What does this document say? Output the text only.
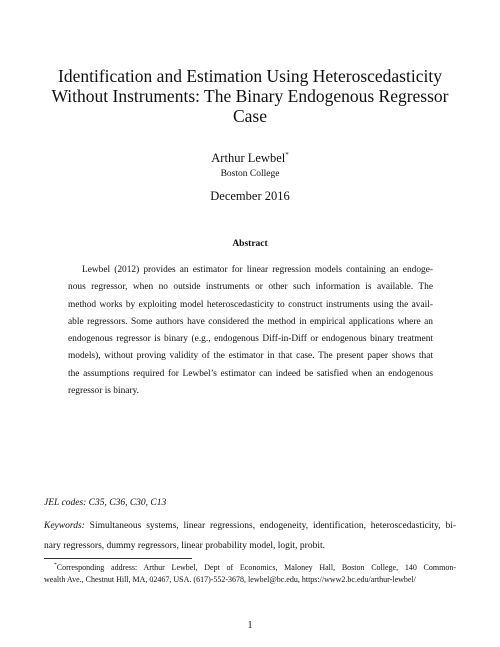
Identification and Estimation Using Heteroscedasticity
Without Instruments: The Binary Endogenous Regressor
Case
Arthur Lewbel*
Boston College
December 2016
Abstract
Lewbel (2012) provides an estimator for linear regression models containing an endoge-
nous regressor, when no outside instruments or other such information is available. The
method works by exploiting model heteroscedasticity to construct instruments using the avail-
able regressors. Some authors have considered the method in empirical applications where an
endogenous regressor is binary (e.g., endogenous Diff-in-Diff or endogenous binary treatment
models), without proving validity of the estimator in that case. The present paper shows that
the assumptions required for Lewbel’s estimator can indeed be satisfied when an endogenous
regressor is binary.
JEL codes: C35, C36, C30, C13
Keywords: Simultaneous systems, linear regressions, endogeneity, identification, heteroscedasticity, bi-
nary regressors, dummy regressors, linear probability model, logit, probit.
*Corresponding address: Arthur Lewbel, Dept of Economics, Maloney Hall, Boston College, 140 Common-
wealth Ave., Chestnut Hill, MA, 02467, USA. (617)-552-3678, lewbel@bc.edu, https://www2.bc.edu/arthur-lewbel/
1
